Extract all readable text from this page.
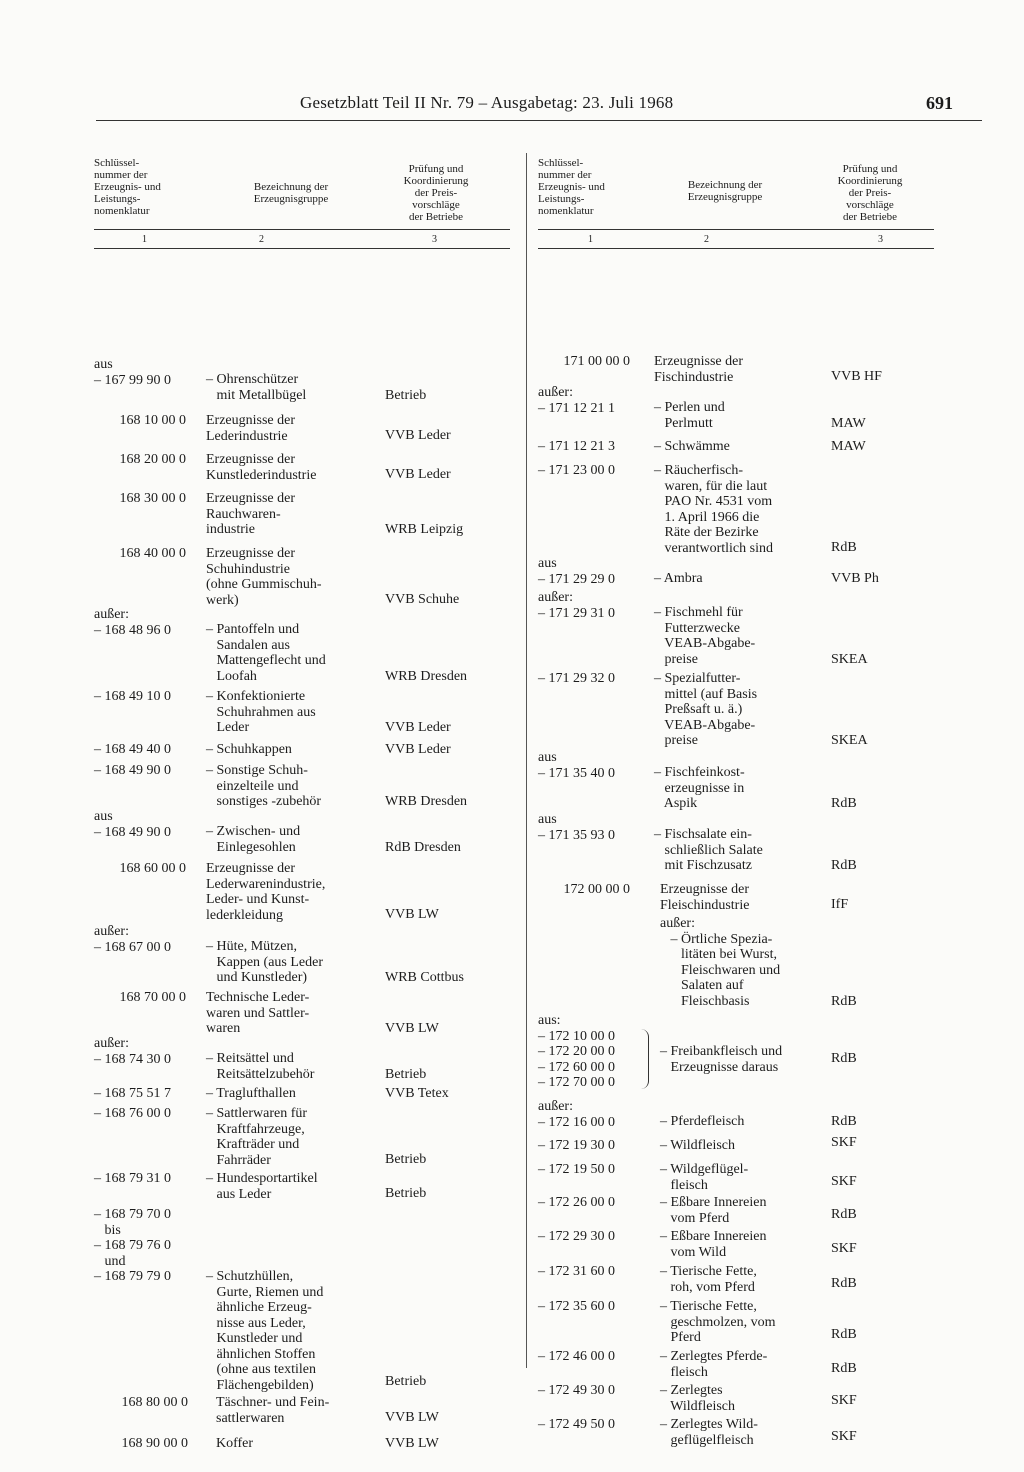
Gesetzblatt Teil II Nr. 79 – Ausgabetag: 23. Juli 1968	691
Schlüssel-
nummer der
Erzeugnis- und
Leistungs-
nomenklatur
Bezeichnung der
Erzeugnisgruppe
Prüfung und
Koordinierung
der Preis-
vorschläge
der Betriebe
1	2	3
aus
– 167 99 90 0	– Ohrenschützer
mit Metallbügel	Betrieb
168 10 00 0 Erzeugnisse der
Lederindustrie	VVB Leder
168 20 00 0 Erzeugnisse der
Kunstlederindustrie	VVB Leder
168 30 00 0 Erzeugnisse der
Rauchwaren-
industrie	WRB Leipzig
168 40 00 0 Erzeugnisse der
Schuhindustrie
(ohne Gummischuh-
werk)	VVB Schuhe
außer:
– 168 48 96 0	– Pantoffeln und
Sandalen aus
Mattengeflecht und
Loofah	WRB Dresden
– 168 49 10 0	– Konfektionierte
Schuhrahmen aus
Leder	VVB Leder
– 168 49 40 0	– Schuhkappen	VVB Leder
– 168 49 90 0	– Sonstige Schuh-
einzelteile und
sonstiges -zubehör	WRB Dresden
aus
– 168 49 90 0	– Zwischen- und
Einlegesohlen	RdB Dresden
168 60 00 0 Erzeugnisse der
Lederwarenindustrie,
Leder- und Kunst-
lederkleidung	VVB LW
außer:
– 168 67 00 0	– Hüte, Mützen,
Kappen (aus Leder
und Kunstleder)	WRB Cottbus
168 70 00 0 Technische Leder-
waren und Sattler-
waren	VVB LW
außer:
– 168 74 30 0	– Reitsättel und
Reitsättelzubehör	Betrieb
– 168 75 51 7	– Traglufthallen	VVB Tetex
– 168 76 00 0	– Sattlerwaren für
Kraftfahrzeuge,
Krafträder und
Fahrräder	Betrieb
– 168 79 31 0	– Hundesportartikel
aus Leder	Betrieb
– 168 79 70 0
bis
– 168 79 76 0
und
– 168 79 79 0	

– Schutzhüllen,
Gurte, Riemen und
ähnliche Erzeug-
nisse aus Leder,
Kunstleder und
ähnlichen Stoffen
(ohne aus textilen
Flächengebilden)	Betrieb
168 80 00 0 Täschner- und Fein-
sattlerwaren	VVB LW
168 90 00 0 Koffer	VVB LW
Schlüssel-
nummer der
Erzeugnis- und
Leistungs-
nomenklatur
Bezeichnung der
Erzeugnisgruppe
Prüfung und
Koordinierung
der Preis-
vorschläge
der Betriebe
1	2	3
171 00 00 0 Erzeugnisse der
Fischindustrie	VVB HF
außer:
– 171 12 21 1	– Perlen und
Perlmutt	MAW
– 171 12 21 3	– Schwämme	MAW
– 171 23 00 0	– Räucherfisch-
waren, für die laut
PAO Nr. 4531 vom
1. April 1966 die
Räte der Bezirke
verantwortlich sind	RdB
aus
– 171 29 29 0	– Ambra	VVB Ph
außer:
– 171 29 31 0	– Fischmehl für
Futterzwecke
VEAB-Abgabe-
preise	SKEA
– 171 29 32 0	– Spezialfutter-
mittel (auf Basis
Preßsaft u. ä.)
VEAB-Abgabe-
preise	SKEA
aus
– 171 35 40 0	– Fischfeinkost-
erzeugnisse in
Aspik	RdB
aus
– 171 35 93 0	– Fischsalate ein-
schließlich Salate
mit Fischzusatz	RdB
172 00 00 0 Erzeugnisse der
Fleischindustrie	IfF
außer:
– Örtliche Spezia-
litäten bei Wurst,
Fleischwaren und
Salaten auf
Fleischbasis	RdB
aus:
– 172 10 00 0
– 172 20 00 0
– 172 60 00 0
– 172 70 00 0
– Freibankfleisch und
Erzeugnisse daraus
RdB
außer:
– 172 16 00 0	– Pferdefleisch	RdB
– 172 19 30 0	– Wildfleisch	SKF
– 172 19 50 0	– Wildgeflügel-
fleisch	SKF
– 172 26 00 0	– Eßbare Innereien
vom Pferd	RdB
– 172 29 30 0	– Eßbare Innereien
vom Wild	SKF
– 172 31 60 0	– Tierische Fette,
roh, vom Pferd	RdB
– 172 35 60 0	– Tierische Fette,
geschmolzen, vom
Pferd	RdB
– 172 46 00 0	– Zerlegtes Pferde-
fleisch	RdB
– 172 49 30 0	– Zerlegtes
Wildfleisch	SKF
– 172 49 50 0	– Zerlegtes Wild-
geflügelfleisch	SKF
